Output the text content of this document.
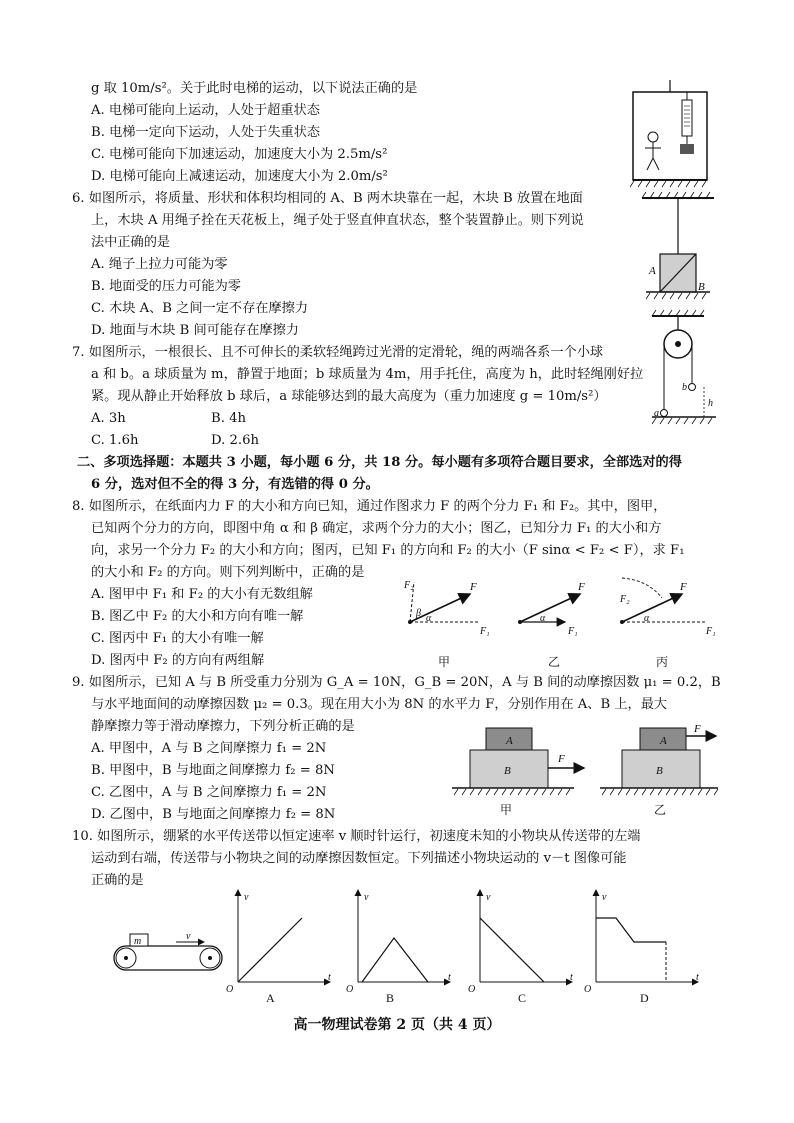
g 取 10m/s²。关于此时电梯的运动，以下说法正确的是
A. 电梯可能向上运动，人处于超重状态
B. 电梯一定向下运动，人处于失重状态
C. 电梯可能向下加速运动，加速度大小为 2.5m/s²
D. 电梯可能向上减速运动，加速度大小为 2.0m/s²
6. 如图所示，将质量、形状和体积均相同的 A、B 两木块靠在一起，木块 B 放置在地面
上，木块 A 用绳子拴在天花板上，绳子处于竖直伸直状态，整个装置静止。则下列说
法中正确的是
A. 绳子上拉力可能为零
B. 地面受的压力可能为零
C. 木块 A、B 之间一定不存在摩擦力
D. 地面与木块 B 间可能存在摩擦力
A
B
7. 如图所示，一根很长、且不可伸长的柔软轻绳跨过光滑的定滑轮，绳的两端各系一个小球
a 和 b。a 球质量为 m，静置于地面；b 球质量为 4m，用手托住，高度为 h，此时轻绳刚好拉
紧。现从静止开始释放 b 球后，a 球能够达到的最大高度为（重力加速度 g = 10m/s²）
A. 3h	B. 4h
C. 1.6h	D. 2.6h
b
a
h
二、多项选择题：本题共 3 小题，每小题 6 分，共 18 分。每小题有多项符合题目要求，全部选对的得
6 分，选对但不全的得 3 分，有选错的得 0 分。
8. 如图所示，在纸面内力 F 的大小和方向已知，通过作图求力 F 的两个分力 F₁ 和 F₂。其中，图甲，
已知两个分力的方向，即图中角 α 和 β 确定，求两个分力的大小；图乙，已知分力 F₁ 的大小和方
向，求另一个分力 F₂ 的大小和方向；图丙，已知 F₁ 的方向和 F₂ 的大小（F sinα < F₂ < F），求 F₁
的大小和 F₂ 的方向。则下列判断中，正确的是
A. 图甲中 F₁ 和 F₂ 的大小有无数组解
B. 图乙中 F₂ 的大小和方向有唯一解
C. 图丙中 F₁ 的大小有唯一解
D. 图丙中 F₂ 的方向有两组解
F
F₂
F₁
β α
甲
F
F₁
α
乙
F
F₂
F₁
α
丙
9. 如图所示，已知 A 与 B 所受重力分别为 G_A = 10N，G_B = 20N，A 与 B 间的动摩擦因数 μ₁ = 0.2，B
与水平地面间的动摩擦因数 μ₂ = 0.3。现在用大小为 8N 的水平力 F，分别作用在 A、B 上，最大
静摩擦力等于滑动摩擦力，下列分析正确的是
A. 甲图中，A 与 B 之间摩擦力 f₁ = 2N
B. 甲图中，B 与地面之间摩擦力 f₂ = 8N
C. 乙图中，A 与 B 之间摩擦力 f₁ = 2N
D. 乙图中，B 与地面之间摩擦力 f₂ = 8N
A
B
F
甲
A
F
B
乙
10. 如图所示，绷紧的水平传送带以恒定速率 v 顺时针运行，初速度未知的小物块从传送带的左端
运动到右端，传送带与小物块之间的动摩擦因数恒定。下列描述小物块运动的 v－t 图像可能
正确的是
m	v
v
t
O
A
v
t
O
B
v
t
O
C
v
t
O
D
高一物理试卷第 2 页（共 4 页）
